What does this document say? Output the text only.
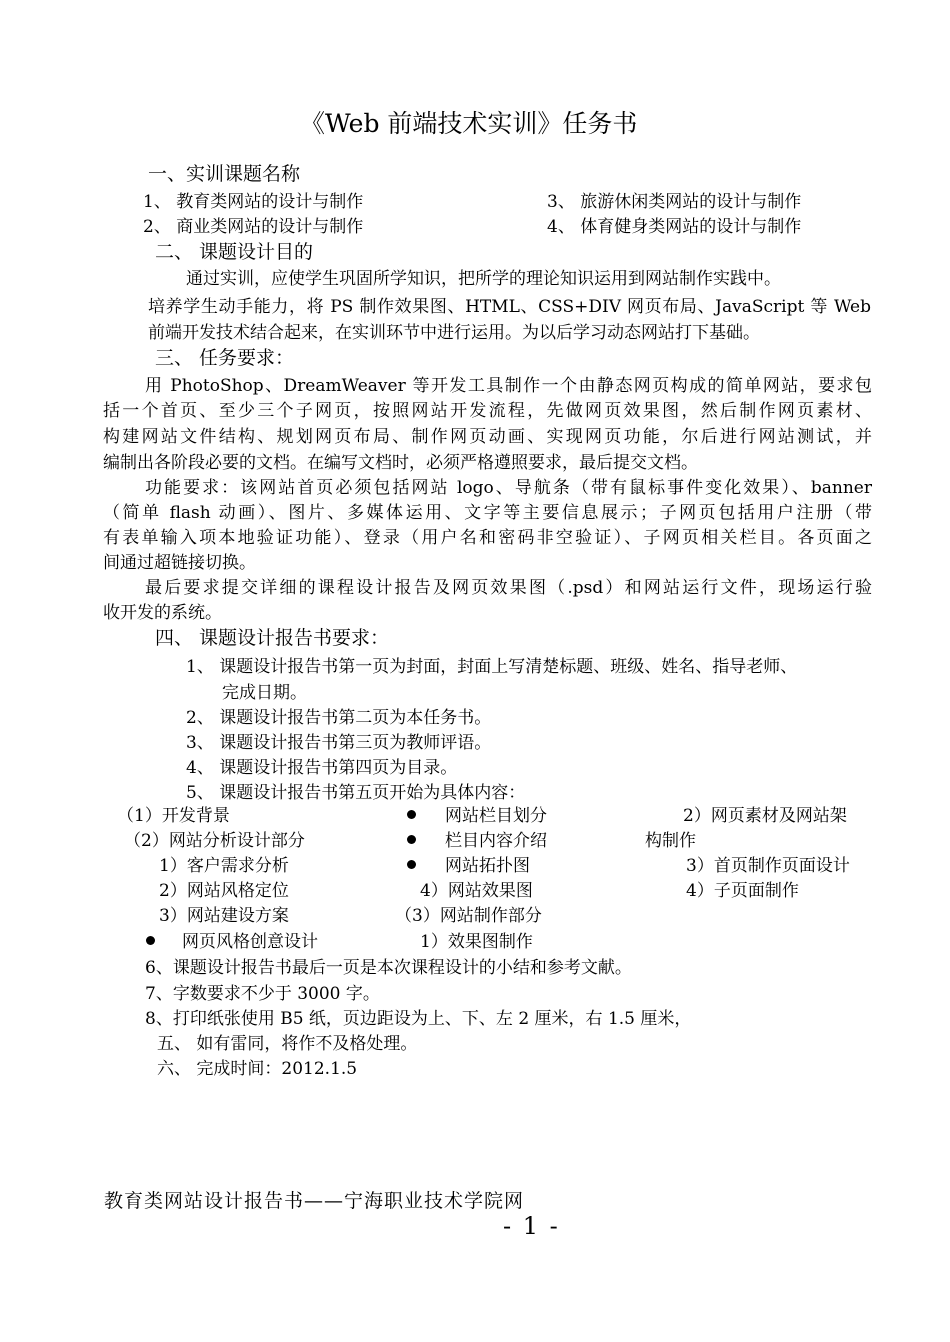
《Web 前端技术实训》任务书
一、实训课题名称
1、 教育类网站的设计与制作
2、 商业类网站的设计与制作
3、 旅游休闲类网站的设计与制作
4、 体育健身类网站的设计与制作
二、 课题设计目的
通过实训，应使学生巩固所学知识，把所学的理论知识运用到网站制作实践中。
培养学生动手能力，将 PS 制作效果图、HTML、CSS+DIV 网页布局、JavaScript 等 Web
前端开发技术结合起来，在实训环节中进行运用。为以后学习动态网站打下基础。
三、 任务要求：
用 PhotoShop、DreamWeaver 等开发工具制作一个由静态网页构成的简单网站，要求包
括一个首页、至少三个子网页，按照网站开发流程，先做网页效果图，然后制作网页素材、
构建网站文件结构、规划网页布局、制作网页动画、实现网页功能，尔后进行网站测试，并
编制出各阶段必要的文档。在编写文档时，必须严格遵照要求，最后提交文档。
功能要求：该网站首页必须包括网站 logo、导航条（带有鼠标事件变化效果）、banner
（简单 flash 动画）、图片、多媒体运用、文字等主要信息展示；子网页包括用户注册（带
有表单输入项本地验证功能）、登录（用户名和密码非空验证）、子网页相关栏目。各页面之
间通过超链接切换。
最后要求提交详细的课程设计报告及网页效果图（.psd）和网站运行文件，现场运行验
收开发的系统。
四、 课题设计报告书要求：
1、 课题设计报告书第一页为封面，封面上写清楚标题、班级、姓名、指导老师、
完成日期。
2、 课题设计报告书第二页为本任务书。
3、 课题设计报告书第三页为教师评语。
4、 课题设计报告书第四页为目录。
5、 课题设计报告书第五页开始为具体内容：
（1）开发背景
（2）网站分析设计部分
1）客户需求分析
2）网站风格定位
3）网站建设方案
网页风格创意设计
网站栏目划分
栏目内容介绍
网站拓扑图
4）网站效果图
（3）网站制作部分
1）效果图制作
2）网页素材及网站架
构制作
3）首页制作页面设计
4）子页面制作
6、课题设计报告书最后一页是本次课程设计的小结和参考文献。
7、字数要求不少于 3000 字。
8、打印纸张使用 B5 纸，页边距设为上、下、左 2 厘米，右 1.5 厘米，
五、 如有雷同，将作不及格处理。
六、 完成时间：2012.1.5
教育类网站设计报告书——宁海职业技术学院网
- 1 -
